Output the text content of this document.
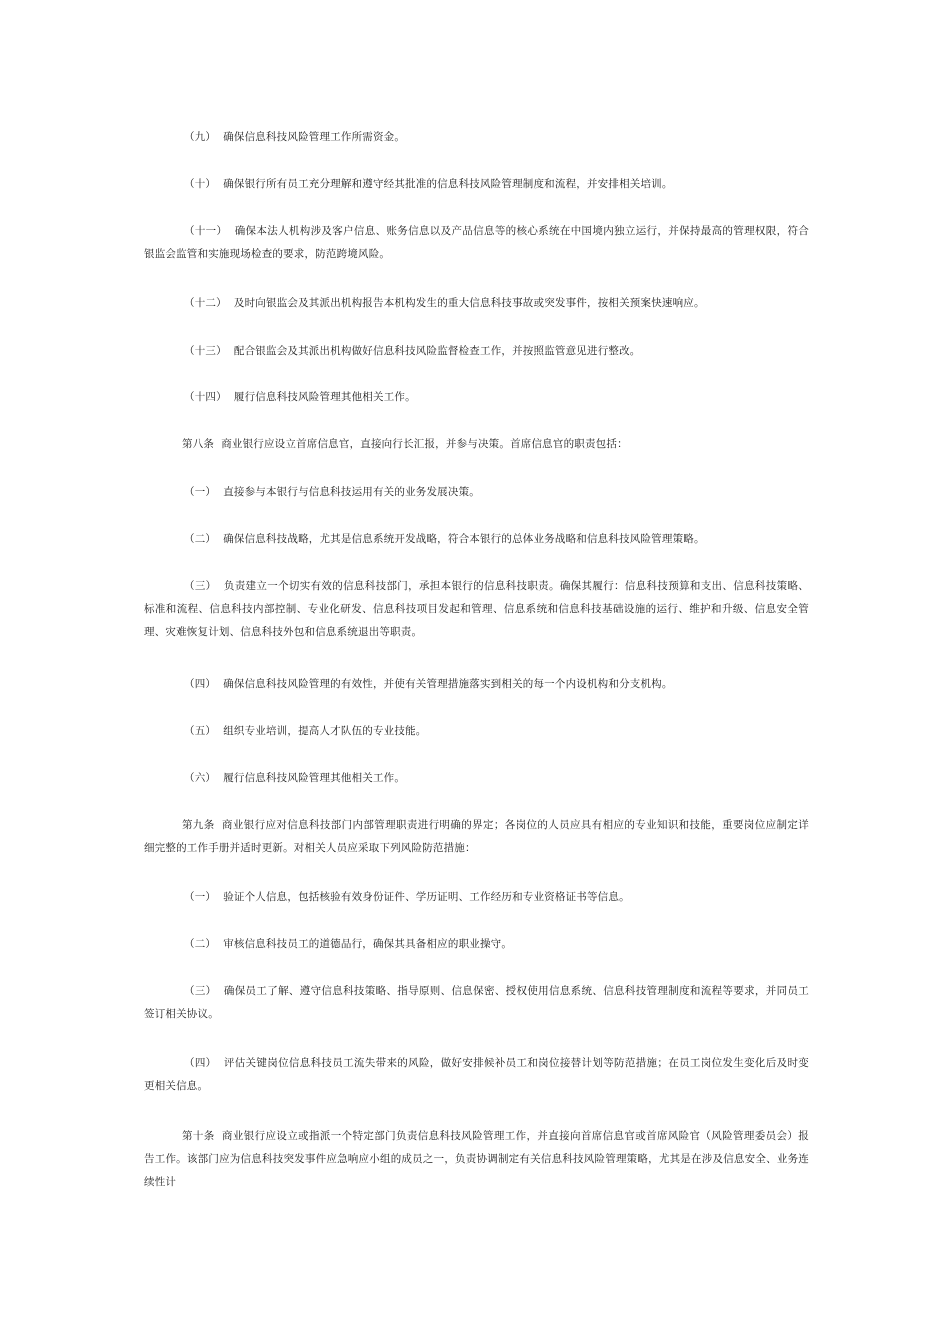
（九） 确保信息科技风险管理工作所需资金。

（十） 确保银行所有员工充分理解和遵守经其批准的信息科技风险管理制度和流程，并安排相关培训。

（十一） 确保本法人机构涉及客户信息、账务信息以及产品信息等的核心系统在中国境内独立运行，并保持最高的管理权限，符合银监会监管和实施现场检查的要求，防范跨境风险。

（十二） 及时向银监会及其派出机构报告本机构发生的重大信息科技事故或突发事件，按相关预案快速响应。

（十三） 配合银监会及其派出机构做好信息科技风险监督检查工作，并按照监管意见进行整改。

（十四） 履行信息科技风险管理其他相关工作。

第八条 商业银行应设立首席信息官，直接向行长汇报，并参与决策。首席信息官的职责包括：

（一） 直接参与本银行与信息科技运用有关的业务发展决策。

（二） 确保信息科技战略，尤其是信息系统开发战略，符合本银行的总体业务战略和信息科技风险管理策略。

（三） 负责建立一个切实有效的信息科技部门，承担本银行的信息科技职责。确保其履行：信息科技预算和支出、信息科技策略、标准和流程、信息科技内部控制、专业化研发、信息科技项目发起和管理、信息系统和信息科技基础设施的运行、维护和升级、信息安全管理、灾难恢复计划、信息科技外包和信息系统退出等职责。

（四） 确保信息科技风险管理的有效性，并使有关管理措施落实到相关的每一个内设机构和分支机构。

（五） 组织专业培训，提高人才队伍的专业技能。

（六） 履行信息科技风险管理其他相关工作。

第九条 商业银行应对信息科技部门内部管理职责进行明确的界定；各岗位的人员应具有相应的专业知识和技能，重要岗位应制定详细完整的工作手册并适时更新。对相关人员应采取下列风险防范措施：

（一） 验证个人信息，包括核验有效身份证件、学历证明、工作经历和专业资格证书等信息。

（二） 审核信息科技员工的道德品行，确保其具备相应的职业操守。

（三） 确保员工了解、遵守信息科技策略、指导原则、信息保密、授权使用信息系统、信息科技管理制度和流程等要求，并同员工签订相关协议。

（四） 评估关键岗位信息科技员工流失带来的风险，做好安排候补员工和岗位接替计划等防范措施；在员工岗位发生变化后及时变更相关信息。

第十条 商业银行应设立或指派一个特定部门负责信息科技风险管理工作，并直接向首席信息官或首席风险官（风险管理委员会）报告工作。该部门应为信息科技突发事件应急响应小组的成员之一，负责协调制定有关信息科技风险管理策略，尤其是在涉及信息安全、业务连续性计
